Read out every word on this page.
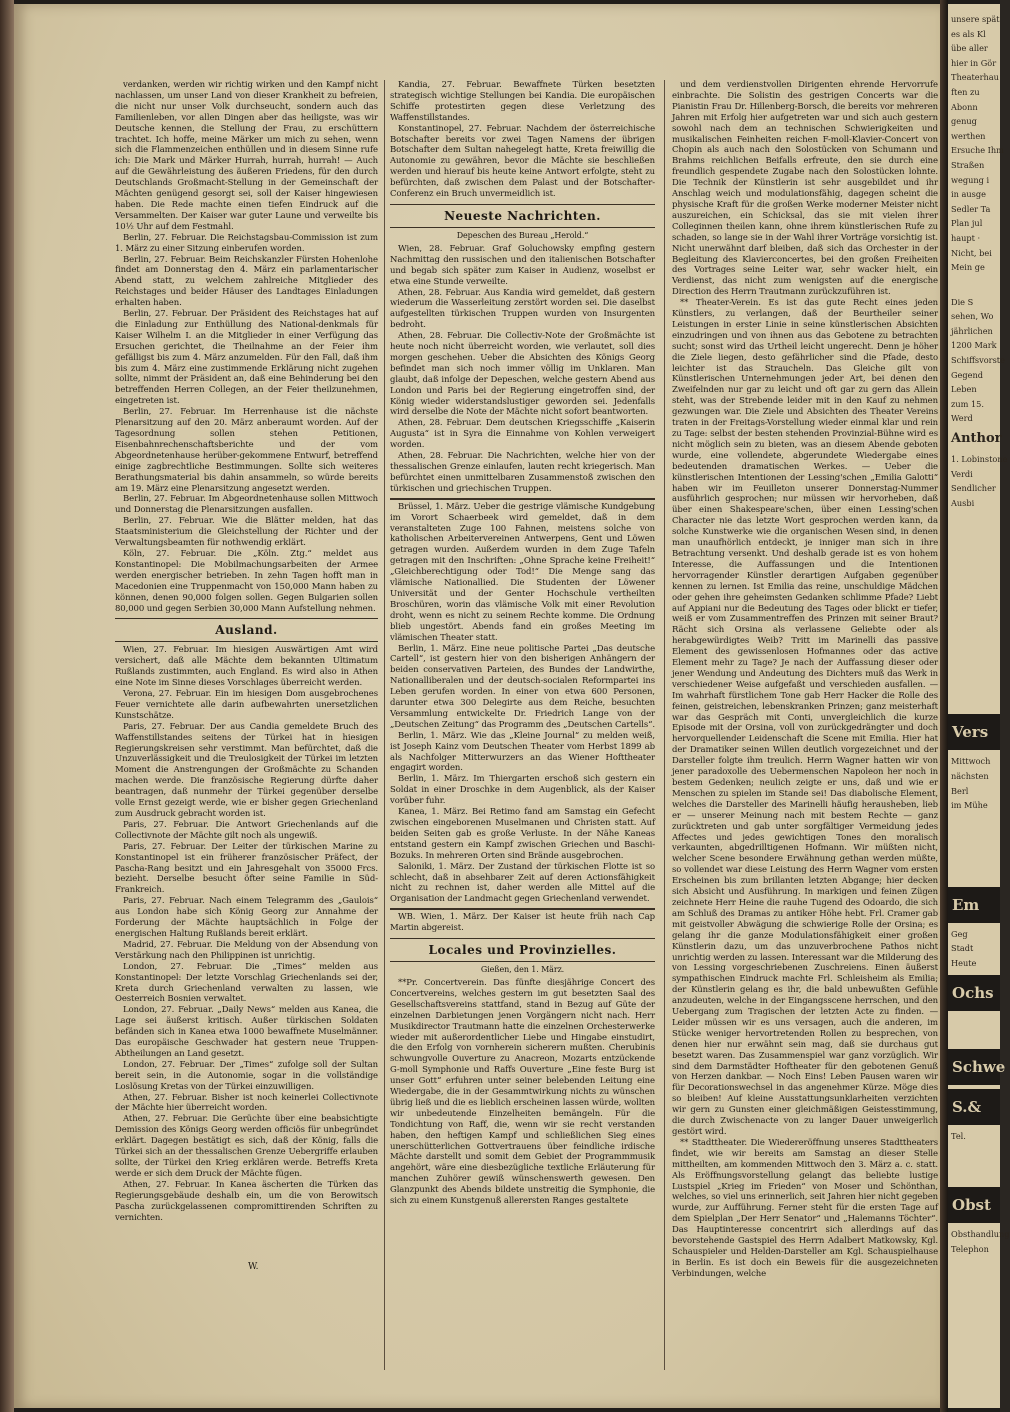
verdanken, werden wir richtig wirken und den Kampf nicht nachlassen, um unser Land von dieser Krankheit zu befreien, die nicht nur unser Volk durchseucht, sondern auch das Familienleben, vor allen Dingen aber das heiligste, was wir Deutsche kennen, die Stellung der Frau, zu erschüttern trachtet. Ich hoffe, meine Märker um mich zu sehen, wenn sich die Flammenzeichen enthüllen und in diesem Sinne rufe ich: Die Mark und Märker Hurrah, hurrah, hurrah! — Auch auf die Gewährleistung des äußeren Friedens, für den durch Deutschlands Großmacht-Stellung in der Gemeinschaft der Mächten genügend gesorgt sei, soll der Kaiser hingewiesen haben. Die Rede machte einen tiefen Eindruck auf die Versammelten. Der Kaiser war guter Laune und verweilte bis 10½ Uhr auf dem Festmahl.

Berlin, 27. Februar. Die Reichstagsbau-Commission ist zum 1. März zu einer Sitzung einberufen worden.

Berlin, 27. Februar. Beim Reichskanzler Fürsten Hohenlohe findet am Donnerstag den 4. März ein parlamentarischer Abend statt, zu welchem zahlreiche Mitglieder des Reichstages und beider Häuser des Landtages Einladungen erhalten haben.

Berlin, 27. Februar. Der Präsident des Reichstages hat auf die Einladung zur Enthüllung des National-denkmals für Kaiser Wilhelm I. an die Mitglieder in einer Verfügung das Ersuchen gerichtet, die Theilnahme an der Feier ihm gefälligst bis zum 4. März anzumelden. Für den Fall, daß ihm bis zum 4. März eine zustimmende Erklärung nicht zugehen sollte, nimmt der Präsident an, daß eine Behinderung bei den betreffenden Herren Collegen, an der Feier theilzunehmen, eingetreten ist.

Berlin, 27. Februar. Im Herrenhause ist die nächste Plenarsitzung auf den 20. März anberaumt worden. Auf der Tagesordnung sollen stehen Petitionen, Eisenbahnrechenschaftsberichte und der vom Abgeordnetenhause herüber-gekommene Entwurf, betreffend einige zagbrechtliche Bestimmungen. Sollte sich weiteres Berathungsmaterial bis dahin ansammeln, so würde bereits am 19. März eine Plenarsitzung angesetzt werden.

Berlin, 27. Februar. Im Abgeordnetenhause sollen Mittwoch und Donnerstag die Plenarsitzungen ausfallen.

Berlin, 27. Februar. Wie die Blätter melden, hat das Staatsministerium die Gleichstellung der Richter und der Verwaltungsbeamten für nothwendig erklärt.

Köln, 27. Februar. Die „Köln. Ztg.“ meldet aus Konstantinopel: Die Mobilmachungsarbeiten der Armee werden energischer betrieben. In zehn Tagen hofft man in Macedonien eine Truppenmacht von 150,000 Mann haben zu können, denen 90,000 folgen sollen. Gegen Bulgarien sollen 80,000 und gegen Serbien 30,000 Mann Aufstellung nehmen.

Ausland.

Wien, 27. Februar. Im hiesigen Auswärtigen Amt wird versichert, daß alle Mächte dem bekannten Ultimatum Rußlands zustimmten, auch England. Es wird also in Athen eine Note im Sinne dieses Vorschlages überreicht werden.

Verona, 27. Februar. Ein im hiesigen Dom ausgebrochenes Feuer vernichtete alle darin aufbewahrten unersetzlichen Kunstschätze.

Paris, 27. Februar. Der aus Candia gemeldete Bruch des Waffenstillstandes seitens der Türkei hat in hiesigen Regierungskreisen sehr verstimmt. Man befürchtet, daß die Unzuverlässigkeit und die Treulosigkeit der Türkei im letzten Moment die Anstrengungen der Großmächte zu Schanden machen werde. Die französische Regierung dürfte daher beantragen, daß nunmehr der Türkei gegenüber derselbe volle Ernst gezeigt werde, wie er bisher gegen Griechenland zum Ausdruck gebracht worden ist.

Paris, 27. Februar. Die Antwort Griechenlands auf die Collectivnote der Mächte gilt noch als ungewiß.

Paris, 27. Februar. Der Leiter der türkischen Marine zu Konstantinopel ist ein früherer französischer Präfect, der Pascha-Rang besitzt und ein Jahresgehalt von 35000 Frcs. bezieht. Derselbe besucht öfter seine Familie in Süd-Frankreich.

Paris, 27. Februar. Nach einem Telegramm des „Gaulois“ aus London habe sich König Georg zur Annahme der Forderung der Mächte hauptsächlich in Folge der energischen Haltung Rußlands bereit erklärt.

Madrid, 27. Februar. Die Meldung von der Absendung von Verstärkung nach den Philippinen ist unrichtig.

London, 27. Februar. Die „Times“ melden aus Konstantinopel: Der letzte Vorschlag Griechenlands sei der, Kreta durch Griechenland verwalten zu lassen, wie Oesterreich Bosnien verwaltet.

London, 27. Februar. „Daily News“ melden aus Kanea, die Lage sei äußerst kritisch. Außer türkischen Soldaten befänden sich in Kanea etwa 1000 bewaffnete Muselmänner. Das europäische Geschwader hat gestern neue Truppen-Abtheilungen an Land gesetzt.

London, 27. Februar. Der „Times“ zufolge soll der Sultan bereit sein, in die Autonomie, sogar in die vollständige Loslösung Kretas von der Türkei einzuwilligen.

Athen, 27. Februar. Bisher ist noch keinerlei Collectivnote der Mächte hier überreicht worden.

Athen, 27. Februar. Die Gerüchte über eine beabsichtigte Demission des Königs Georg werden officiös für unbegründet erklärt. Dagegen bestätigt es sich, daß der König, falls die Türkei sich an der thessalischen Grenze Uebergriffe erlauben sollte, der Türkei den Krieg erklären werde. Betreffs Kreta werde er sich dem Druck der Mächte fügen.

Athen, 27. Februar. In Kanea äscherten die Türken das Regierungsgebäude deshalb ein, um die von Berowitsch Pascha zurückgelassenen compromittirenden Schriften zu vernichten.

Kandia, 27. Februar. Bewaffnete Türken besetzten strategisch wichtige Stellungen bei Kandia. Die europäischen Schiffe protestirten gegen diese Verletzung des Waffenstillstandes.

Konstantinopel, 27. Februar. Nachdem der österreichische Botschafter bereits vor zwei Tagen Namens der übrigen Botschafter dem Sultan nahegelegt hatte, Kreta freiwillig die Autonomie zu gewähren, bevor die Mächte sie beschließen werden und hierauf bis heute keine Antwort erfolgte, steht zu befürchten, daß zwischen dem Palast und der Botschafter-Conferenz ein Bruch unvermeidlich ist.

Neueste Nachrichten.
Depeschen des Bureau „Herold.“

Wien, 28. Februar. Graf Goluchowsky empfing gestern Nachmittag den russischen und den italienischen Botschafter und begab sich später zum Kaiser in Audienz, woselbst er etwa eine Stunde verweilte.

Athen, 28. Februar. Aus Kandia wird gemeldet, daß gestern wiederum die Wasserleitung zerstört worden sei. Die daselbst aufgestellten türkischen Truppen wurden von Insurgenten bedroht.

Athen, 28. Februar. Die Collectiv-Note der Großmächte ist heute noch nicht überreicht worden, wie verlautet, soll dies morgen geschehen. Ueber die Absichten des Königs Georg befindet man sich noch immer völlig im Unklaren. Man glaubt, daß infolge der Depeschen, welche gestern Abend aus London und Paris bei der Regierung eingetroffen sind, der König wieder widerstandslustiger geworden sei. Jedenfalls wird derselbe die Note der Mächte nicht sofort beantworten.

Athen, 28. Februar. Dem deutschen Kriegsschiffe „Kaiserin Augusta“ ist in Syra die Einnahme von Kohlen verweigert worden.

Athen, 28. Februar. Die Nachrichten, welche hier von der thessalischen Grenze einlaufen, lauten recht kriegerisch. Man befürchtet einen unmittelbaren Zusammenstoß zwischen den türkischen und griechischen Truppen.

Brüssel, 1. März. Ueber die gestrige vlämische Kundgebung im Vorort Schaerbeek wird gemeldet, daß in dem veranstalteten Zuge 100 Fahnen, meistens solche von katholischen Arbeitervereinen Antwerpens, Gent und Löwen getragen wurden. Außerdem wurden in dem Zuge Tafeln getragen mit den Inschriften: „Ohne Sprache keine Freiheit!“ „Gleichberechtigung oder Tod!“ Die Menge sang das vlämische Nationallied. Die Studenten der Löwener Universität und der Genter Hochschule vertheilten Broschüren, worin das vlämische Volk mit einer Revolution droht, wenn es nicht zu seinem Rechte komme. Die Ordnung blieb ungestört. Abends fand ein großes Meeting im vlämischen Theater statt.

Berlin, 1. März. Eine neue politische Partei „Das deutsche Cartell“, ist gestern hier von den bisherigen Anhängern der beiden conservativen Parteien, des Bundes der Landwirthe, Nationalliberalen und der deutsch-socialen Reformpartei ins Leben gerufen worden. In einer von etwa 600 Personen, darunter etwa 300 Delegirte aus dem Reiche, besuchten Versammlung entwickelte Dr. Friedrich Lange von der „Deutschen Zeitung“ das Programm des „Deutschen Cartells“.

Berlin, 1. März. Wie das „Kleine Journal“ zu melden weiß, ist Joseph Kainz vom Deutschen Theater vom Herbst 1899 ab als Nachfolger Mitterwurzers an das Wiener Hofttheater engagirt worden.

Berlin, 1. März. Im Thiergarten erschoß sich gestern ein Soldat in einer Droschke in dem Augenblick, als der Kaiser vorüber fuhr.

Kanea, 1. März. Bei Retimo fand am Samstag ein Gefecht zwischen eingeborenen Muselmanen und Christen statt. Auf beiden Seiten gab es große Verluste. In der Nähe Kaneas entstand gestern ein Kampf zwischen Griechen und Baschi-Bozuks. In mehreren Orten sind Brände ausgebrochen.

Saloniki, 1. März. Der Zustand der türkischen Flotte ist so schlecht, daß in absehbarer Zeit auf deren Actionsfähigkeit nicht zu rechnen ist, daher werden alle Mittel auf die Organisation der Landmacht gegen Griechenland verwendet.

WB. Wien, 1. März. Der Kaiser ist heute früh nach Cap Martin abgereist.

Locales und Provinzielles.
Gießen, den 1. März.

**Pr. Concertverein. Das fünfte diesjährige Concert des Concertvereins, welches gestern im gut besetzten Saal des Gesellschaftsvereins stattfand, stand in Bezug auf Güte der einzelnen Darbietungen jenen Vorgängern nicht nach. Herr Musikdirector Trautmann hatte die einzelnen Orchesterwerke wieder mit außerordentlicher Liebe und Hingabe einstudirt, die den Erfolg von vornherein sicherern mußten. Cherubinis schwungvolle Ouverture zu Anacreon, Mozarts entzückende G-moll Symphonie und Raffs Ouverture „Eine feste Burg ist unser Gott“ erfuhren unter seiner belebenden Leitung eine Wiedergabe, die in der Gesammtwirkung nichts zu wünschen übrig ließ und die es lieblich erscheinen lassen würde, wollten wir unbedeutende Einzelheiten bemängeln. Für die Tondichtung von Raff, die, wenn wir sie recht verstanden haben, den heftigen Kampf und schließlichen Sieg eines unerschütterlichen Gottvertrauens über feindliche irdische Mächte darstellt und somit dem Gebiet der Programmmusik angehört, wäre eine diesbezügliche textliche Erläuterung für manchen Zuhörer gewiß wünschenswerth gewesen. Den Glanzpunkt des Abends bildete unstreitig die Symphonie, die sich zu einem Kunstgenuß allerersten Ranges gestaltete

und dem verdienstvollen Dirigenten ehrende Hervorrufe einbrachte. Die Solistin des gestrigen Concerts war die Pianistin Frau Dr. Hillenberg-Borsch, die bereits vor mehreren Jahren mit Erfolg hier aufgetreten war und sich auch gestern sowohl nach dem an technischen Schwierigkeiten und musikalischen Feinheiten reichen F-moll-Klavier-Concert von Chopin als auch nach den Solostücken von Schumann und Brahms reichlichen Beifalls erfreute, den sie durch eine freundlich gespendete Zugabe nach den Solostücken lohnte. Die Technik der Künstlerin ist sehr ausgebildet und ihr Anschlag weich und modulationsfähig, dagegen scheint die physische Kraft für die großen Werke moderner Meister nicht auszureichen, ein Schicksal, das sie mit vielen ihrer Colleginnen theilen kann, ohne ihrem künstlerischen Rufe zu schaden, so lange sie in der Wahl ihrer Vorträge vorsichtig ist. Nicht unerwähnt darf bleiben, daß sich das Orchester in der Begleitung des Klavierconcertes, bei den großen Freiheiten des Vortrages seine Leiter war, sehr wacker hielt, ein Verdienst, das nicht zum wenigsten auf die energische Direction des Herrn Trautmann zurückzuführen ist.

** Theater-Verein. Es ist das gute Recht eines jeden Künstlers, zu verlangen, daß der Beurtheiler seiner Leistungen in erster Linie in seine künstlerischen Absichten einzudringen und von ihnen aus das Gebotene zu betrachten sucht; sonst wird das Urtheil leicht ungerecht. Denn je höher die Ziele liegen, desto gefährlicher sind die Pfade, desto leichter ist das Straucheln. Das Gleiche gilt von Künstlerischen Unternehmungen jeder Art, bei denen den Zweifelnden nur gar zu leicht und oft gar zu gern das Allein steht, was der Strebende leider mit in den Kauf zu nehmen gezwungen war. Die Ziele und Absichten des Theater Vereins traten in der Freitags-Vorstellung wieder einmal klar und rein zu Tage: selbst der besten stehenden Provinzial-Bühne wird es nicht möglich sein zu bieten, was an diesem Abende geboten wurde, eine vollendete, abgerundete Wiedergabe eines bedeutenden dramatischen Werkes. — Ueber die künstlerischen Intentionen der Lessing'schen „Emilia Galotti“ haben wir im Feuilleton unserer Donnerstag-Nummer ausführlich gesprochen; nur müssen wir hervorheben, daß über einen Shakespeare'schen, über einen Lessing'schen Character nie das letzte Wort gesprochen werden kann, da solche Kunstwerke wie die organischen Wesen sind, in denen man unaufhörlich entdeckt, je inniger man sich in ihre Betrachtung versenkt. Und deshalb gerade ist es von hohem Interesse, die Auffassungen und die Intentionen hervorragender Künstler derartigen Aufgaben gegenüber kennen zu lernen. Ist Emilia das reine, unschuldige Mädchen oder gehen ihre geheimsten Gedanken schlimme Pfade? Liebt auf Appiani nur die Bedeutung des Tages oder blickt er tiefer, weiß er vom Zusammentreffen des Prinzen mit seiner Braut? Rächt sich Orsina als verlassene Geliebte oder als herabgewürdigtes Weib? Tritt im Marinelli das passive Element des gewissenlosen Hofmannes oder das active Element mehr zu Tage? Je nach der Auffassung dieser oder jener Wendung und Andeutung des Dichters muß das Werk in verschiedener Weise aufgefaßt und verschieden ausfallen. — Im wahrhaft fürstlichem Tone gab Herr Hacker die Rolle des feinen, geistreichen, lebenskranken Prinzen; ganz meisterhaft war das Gespräch mit Conti, unvergleichlich die kurze Episode mit der Orsina, voll von zurückgedrängter und doch hervorquellender Leidenschaft die Scene mit Emilia. Hier hat der Dramatiker seinen Willen deutlich vorgezeichnet und der Darsteller folgte ihm treulich. Herrn Wagner hatten wir von jener paradoxolle des Uebermenschen Napoleon her noch in bestem Gedenken; neulich zeigte er uns, daß und wie er Menschen zu spielen im Stande sei! Das diabolische Element, welches die Darsteller des Marinelli häufig herausheben, lieb er — unserer Meinung nach mit bestem Rechte — ganz zurücktreten und gab unter sorgfältiger Vermeidung jedes Affectes und jedes gewichtigen Tones den moralisch verkaunten, abgedrilltigenen Hofmann. Wir müßten nicht, welcher Scene besondere Erwähnung gethan werden müßte, so vollendet war diese Leistung des Herrn Wagner vom ersten Erscheinen bis zum brillanten letzten Abgange; hier decken sich Absicht und Ausführung. In markigen und feinen Zügen zeichnete Herr Heine die rauhe Tugend des Odoardo, die sich am Schluß des Dramas zu antiker Höhe hebt. Frl. Cramer gab mit geistvoller Abwägung die schwierige Rolle der Orsina; es gelang ihr die ganze Modulationsfähigkeit einer großen Künstlerin dazu, um das unzuverbrochene Pathos nicht unrichtig werden zu lassen. Interessant war die Milderung des von Lessing vorgeschriebenen Zuschreiens. Einen äußerst sympathischen Eindruck machte Frl. Schleisheim als Emilia; der Künstlerin gelang es ihr, die bald unbewußten Gefühle anzudeuten, welche in der Eingangsscene herrschen, und den Uebergang zum Tragischen der letzten Acte zu finden. — Leider müssen wir es uns versagen, auch die anderen, im Stücke weniger hervortretenden Rollen zu besprechen, von denen hier nur erwähnt sein mag, daß sie durchaus gut besetzt waren. Das Zusammenspiel war ganz vorzüglich. Wir sind dem Darmstädter Hoftheater für den gebotenen Genuß von Herzen dankbar. — Noch Eins! Leben Pausen waren wir für Decorationswechsel in das angenehmer Kürze. Möge dies so bleiben! Auf kleine Ausstattungsunklarheiten verzichten wir gern zu Gunsten einer gleichmäßigen Geistesstimmung, die durch Zwischenacte von zu langer Dauer unweigerlich gestört wird.

** Stadttheater. Die Wiedereröffnung unseres Stadttheaters findet, wie wir bereits am Samstag an dieser Stelle mittheilten, am kommenden Mittwoch den 3. März a. c. statt. Als Eröffnungsvorstellung gelangt das beliebte lustige Lustspiel „Krieg im Frieden“ von Moser und Schönthan, welches, so viel uns erinnerlich, seit Jahren hier nicht gegeben wurde, zur Aufführung. Ferner steht für die ersten Tage auf dem Spielplan „Der Herr Senator“ und „Halemanns Töchter“. Das Hauptinteresse concentrirt sich allerdings auf das bevorstehende Gastspiel des Herrn Adalbert Matkowsky, Kgl. Schauspieler und Helden-Darsteller am Kgl. Schauspielhause in Berlin. Es ist doch ein Beweis für die ausgezeichneten Verbindungen, welche

W.
unsere spät
es als Kl
übe aller
hier in Gör
Theaterhau
ften zu
Abonn
genug
werthen
Ersuche Ihm
Straßen
wegung i
in ausge
Sedler Ta
Plan jul
haupt ·
Nicht, bei
Mein ge
Die S
sehen, Wo
jährlichen
1200 Mark
Schiffsvorste
Gegend
Leben
zum 15.
Werd
Anthor
1. Lobinstone
Verdi
Sendlicher
Ausbi
Vers
Mittwoch
nächsten
Berl
im Mühe
Em
Geg
Stadt
Heute
Ochs
Schwe
S.&
Tel.
Obst
Obsthandlung
Telephon
